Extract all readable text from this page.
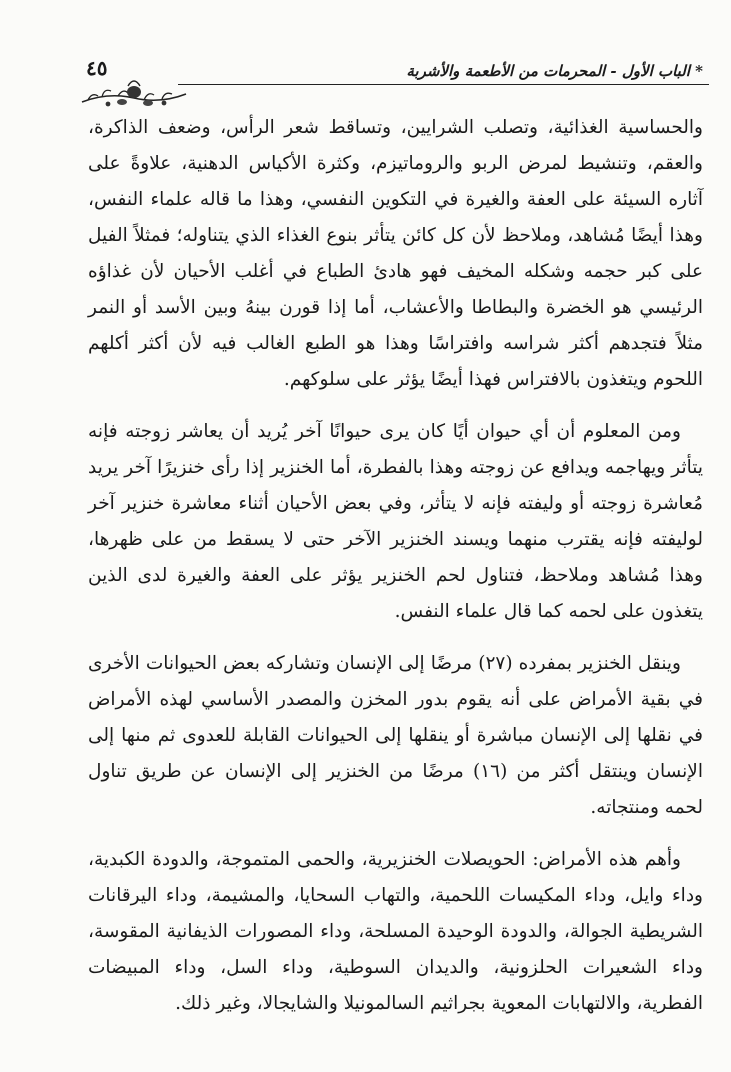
* الباب الأول - المحرمات من الأطعمة والأشربة
٤٥

والحساسية الغذائية، وتصلب الشرايين، وتساقط شعر الرأس، وضعف الذاكرة، والعقم، وتنشيط لمرض الربو والروماتيزم، وكثرة الأكياس الدهنية، علاوةً على آثاره السيئة على العفة والغيرة في التكوين النفسي، وهذا ما قاله علماء النفس، وهذا أيضًا مُشاهد، وملاحظ لأن كل كائن يتأثر بنوع الغذاء الذي يتناوله؛ فمثلاً الفيل على كبر حجمه وشكله المخيف فهو هادئ الطباع في أغلب الأحيان لأن غذاؤه الرئيسي هو الخضرة والبطاطا والأعشاب، أما إذا قورن بينهُ وبين الأسد أو النمر مثلاً فتجدهم أكثر شراسه وافتراسًا وهذا هو الطبع الغالب فيه لأن أكثر أكلهم اللحوم ويتغذون بالافتراس فهذا أيضًا يؤثر على سلوكهم.

ومن المعلوم أن أي حيوان أيًا كان يرى حيوانًا آخر يُريد أن يعاشر زوجته فإنه يتأثر ويهاجمه ويدافع عن زوجته وهذا بالفطرة، أما الخنزير إذا رأى خنزيرًا آخر يريد مُعاشرة زوجته أو وليفته فإنه لا يتأثر، وفي بعض الأحيان أثناء معاشرة خنزير آخر لوليفته فإنه يقترب منهما ويسند الخنزير الآخر حتى لا يسقط من على ظهرها، وهذا مُشاهد وملاحظ، فتناول لحم الخنزير يؤثر على العفة والغيرة لدى الذين يتغذون على لحمه كما قال علماء النفس.

وينقل الخنزير بمفرده (٢٧) مرضًا إلى الإنسان وتشاركه بعض الحيوانات الأخرى في بقية الأمراض على أنه يقوم بدور المخزن والمصدر الأساسي لهذه الأمراض في نقلها إلى الإنسان مباشرة أو ينقلها إلى الحيوانات القابلة للعدوى ثم منها إلى الإنسان وينتقل أكثر من (١٦) مرضًا من الخنزير إلى الإنسان عن طريق تناول لحمه ومنتجاته.

وأهم هذه الأمراض: الحويصلات الخنزيرية، والحمى المتموجة، والدودة الكبدية، وداء وايل، وداء المكيسات اللحمية، والتهاب السحايا، والمشيمة، وداء اليرقانات الشريطية الجوالة، والدودة الوحيدة المسلحة، وداء المصورات الذيفانية المقوسة، وداء الشعيرات الحلزونية، والديدان السوطية، وداء السل، وداء المبيضات الفطرية، والالتهابات المعوية بجراثيم السالمونيلا والشايجالا، وغير ذلك.
